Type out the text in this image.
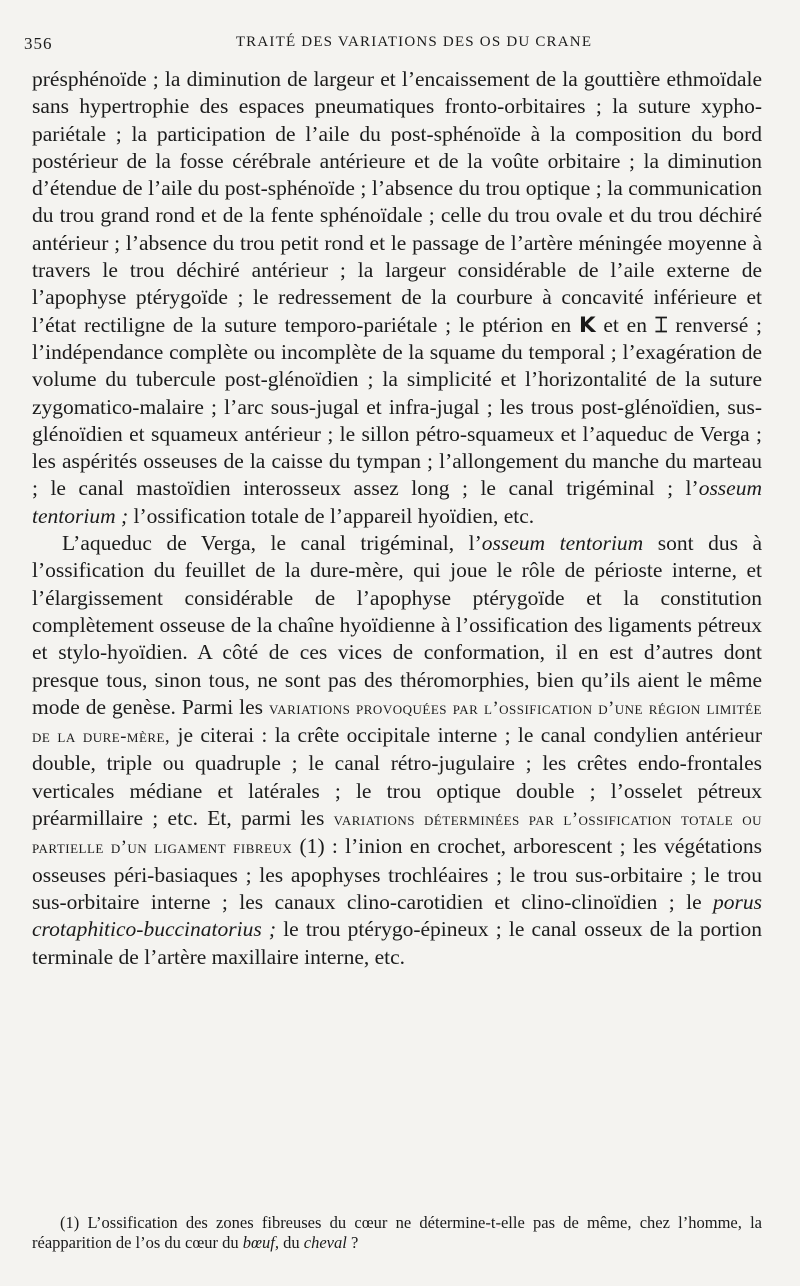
356	TRAITÉ DES VARIATIONS DES OS DU CRANE

présphénoïde ; la diminution de largeur et l’encaissement de la gouttière ethmoïdale sans hypertrophie des espaces pneumatiques fronto-orbitaires ; la suture xypho-pariétale ; la participation de l’aile du post-sphénoïde à la composition du bord postérieur de la fosse cérébrale antérieure et de la voûte orbitaire ; la diminution d’étendue de l’aile du post-sphénoïde ; l’absence du trou optique ; la communication du trou grand rond et de la fente sphénoïdale ; celle du trou ovale et du trou déchiré antérieur ; l’absence du trou petit rond et le passage de l’artère méningée moyenne à travers le trou déchiré antérieur ; la largeur considérable de l’aile externe de l’apophyse ptérygoïde ; le redressement de la courbure à concavité inférieure et l’état rectiligne de la suture temporo-pariétale ; le ptérion en K et en ⌶ renversé ; l’indépendance complète ou incomplète de la squame du temporal ; l’exagération de volume du tubercule post-glénoïdien ; la simplicité et l’horizontalité de la suture zygomatico-malaire ; l’arc sous-jugal et infra-jugal ; les trous post-glénoïdien, sus-glénoïdien et squameux antérieur ; le sillon pétro-squameux et l’aqueduc de Verga ; les aspérités osseuses de la caisse du tympan ; l’allongement du manche du marteau ; le canal mastoïdien interosseux assez long ; le canal trigéminal ; l’osseum tentorium ; l’ossification totale de l’appareil hyoïdien, etc.

L’aqueduc de Verga, le canal trigéminal, l’osseum tentorium sont dus à l’ossification du feuillet de la dure-mère, qui joue le rôle de périoste interne, et l’élargissement considérable de l’apophyse ptérygoïde et la constitution complètement osseuse de la chaîne hyoïdienne à l’ossification des ligaments pétreux et stylo-hyoïdien. A côté de ces vices de conformation, il en est d’autres dont presque tous, sinon tous, ne sont pas des théromorphies, bien qu’ils aient le même mode de genèse. Parmi les variations provoquées par l’ossification d’une région limitée de la dure-mère, je citerai : la crête occipitale interne ; le canal condylien antérieur double, triple ou quadruple ; le canal rétro-jugulaire ; les crêtes endo-frontales verticales médiane et latérales ; le trou optique double ; l’osselet pétreux préarmillaire ; etc. Et, parmi les variations déterminées par l’ossification totale ou partielle d’un ligament fibreux (1) : l’inion en crochet, arborescent ; les végétations osseuses péri-basiaques ; les apophyses trochléaires ; le trou sus-orbitaire ; le trou sus-orbitaire interne ; les canaux clino-carotidien et clino-clinoïdien ; le porus crotaphitico-buccinatorius ; le trou ptérygo-épineux ; le canal osseux de la portion terminale de l’artère maxillaire interne, etc.

(1) L’ossification des zones fibreuses du cœur ne détermine-t-elle pas de même, chez l’homme, la réapparition de l’os du cœur du bœuf, du cheval ?
